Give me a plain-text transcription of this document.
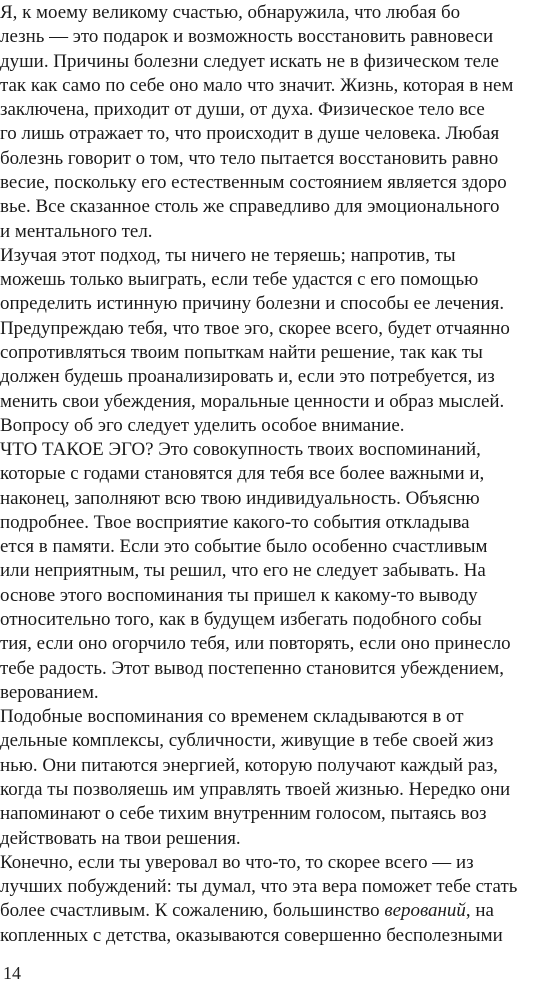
Я, к моему великому счастью, обнаружила, что любая бо
лезнь — это подарок и возможность восстановить равновеси
души. Причины болезни следует искать не в физическом теле
так как само по себе оно мало что значит. Жизнь, которая в нем
заключена, приходит от души, от духа. Физическое тело все
го лишь отражает то, что происходит в душе человека. Любая
болезнь говорит о том, что тело пытается восстановить равно
весие, поскольку его естественным состоянием является здоро
вье. Все сказанное столь же справедливо для эмоционального
и ментального тел.
Изучая этот подход, ты ничего не теряешь; напротив, ты
можешь только выиграть, если тебе удастся с его помощью
определить истинную причину болезни и способы ее лечения.
Предупреждаю тебя, что твое эго, скорее всего, будет отчаянно
сопротивляться твоим попыткам найти решение, так как ты
должен будешь проанализировать и, если это потребуется, из
менить свои убеждения, моральные ценности и образ мыслей.
Вопросу об эго следует уделить особое внимание.
ЧТО ТАКОЕ ЭГО? Это совокупность твоих воспоминаний,
которые с годами становятся для тебя все более важными и,
наконец, заполняют всю твою индивидуальность. Объясню
подробнее. Твое восприятие какого-то события откладыва
ется в памяти. Если это событие было особенно счастливым
или неприятным, ты решил, что его не следует забывать. На
основе этого воспоминания ты пришел к какому-то выводу
относительно того, как в будущем избегать подобного собы
тия, если оно огорчило тебя, или повторять, если оно принесло
тебе радость. Этот вывод постепенно становится убеждением,
верованием.
Подобные воспоминания со временем складываются в от
дельные комплексы, субличности, живущие в тебе своей жиз
нью. Они питаются энергией, которую получают каждый раз,
когда ты позволяешь им управлять твоей жизнью. Нередко они
напоминают о себе тихим внутренним голосом, пытаясь воз
действовать на твои решения.
Конечно, если ты уверовал во что-то, то скорее всего — из
лучших побуждений: ты думал, что эта вера поможет тебе стать
более счастливым. К сожалению, большинство верований, на
копленных с детства, оказываются совершенно бесполезными
14
